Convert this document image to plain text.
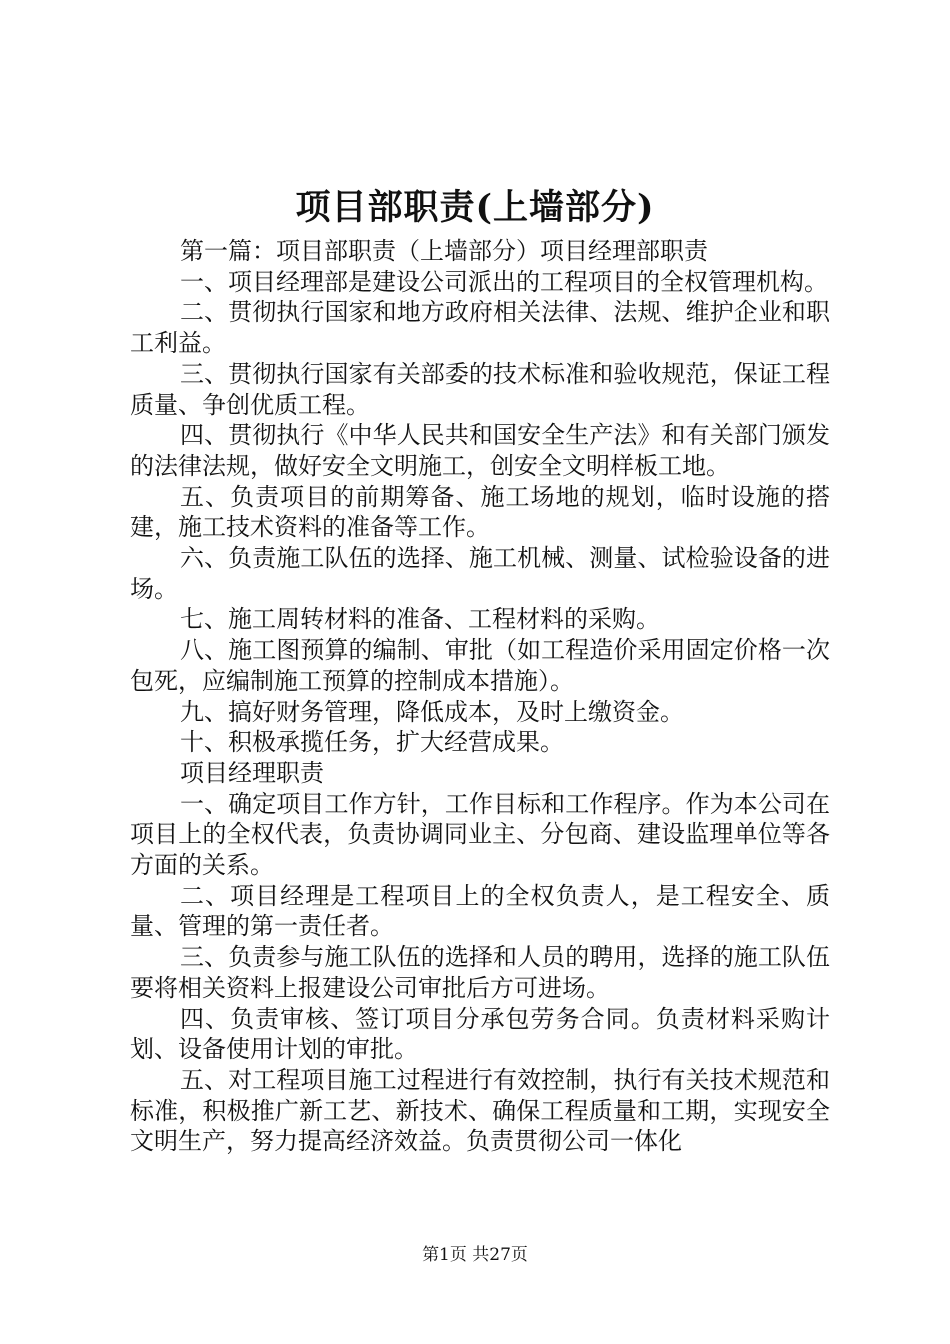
项目部职责(上墙部分)

第一篇：项目部职责（上墙部分）项目经理部职责

一、项目经理部是建设公司派出的工程项目的全权管理机构。

二、贯彻执行国家和地方政府相关法律、法规、维护企业和职工利益。

三、贯彻执行国家有关部委的技术标准和验收规范，保证工程质量、争创优质工程。

四、贯彻执行《中华人民共和国安全生产法》和有关部门颁发的法律法规，做好安全文明施工，创安全文明样板工地。

五、负责项目的前期筹备、施工场地的规划，临时设施的搭建，施工技术资料的准备等工作。

六、负责施工队伍的选择、施工机械、测量、试检验设备的进场。

七、施工周转材料的准备、工程材料的采购。

八、施工图预算的编制、审批（如工程造价采用固定价格一次包死，应编制施工预算的控制成本措施）。

九、搞好财务管理，降低成本，及时上缴资金。

十、积极承揽任务，扩大经营成果。

项目经理职责

一、确定项目工作方针，工作目标和工作程序。作为本公司在项目上的全权代表，负责协调同业主、分包商、建设监理单位等各方面的关系。

二、项目经理是工程项目上的全权负责人，是工程安全、质量、管理的第一责任者。

三、负责参与施工队伍的选择和人员的聘用，选择的施工队伍要将相关资料上报建设公司审批后方可进场。

四、负责审核、签订项目分承包劳务合同。负责材料采购计划、设备使用计划的审批。

五、对工程项目施工过程进行有效控制，执行有关技术规范和标准，积极推广新工艺、新技术、确保工程质量和工期，实现安全文明生产，努力提高经济效益。负责贯彻公司一体化

第1页 共27页
